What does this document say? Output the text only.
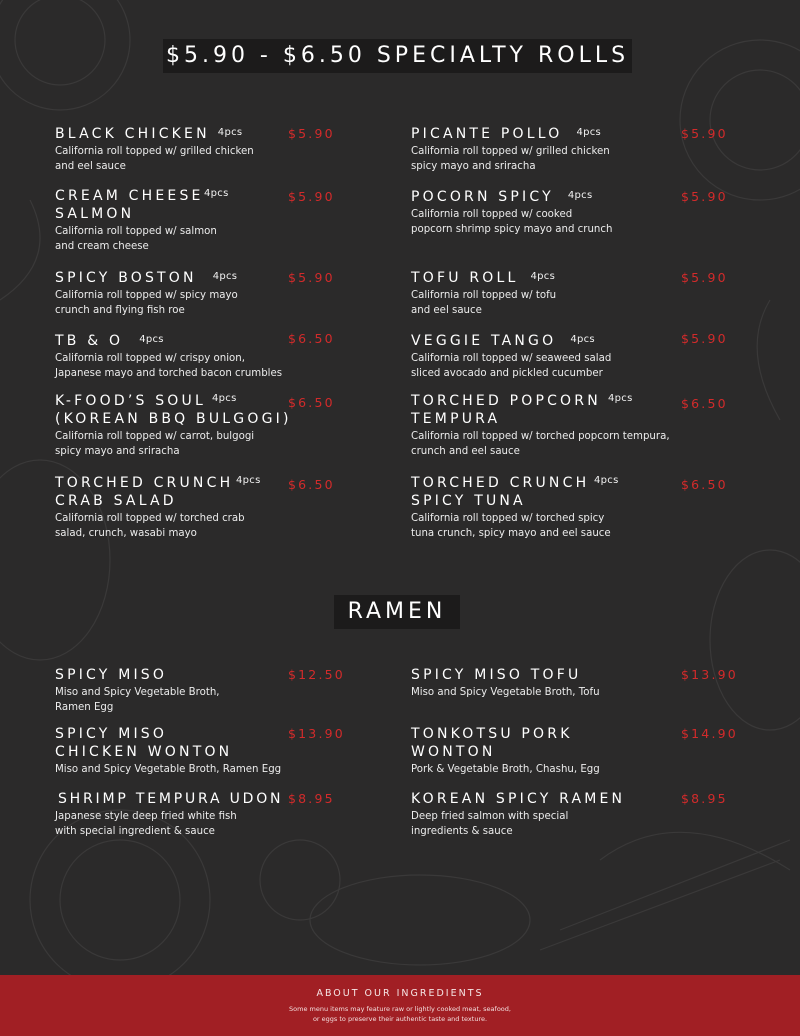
$5.90 - $6.50 SPECIALTY ROLLS
BLACK CHICKEN $^{4pcs}$
California roll topped w/ grilled chicken
and eel sauce
$5.90
CREAM CHEESE
SALMON
California roll topped w/ salmon
and cream cheese
4pcs	$5.90
SPICY BOSTON $^{4pcs}$
California roll topped w/ spicy mayo
crunch and flying fish roe
$5.90
TB & O $^{4pcs}$
California roll topped w/ crispy onion,
Japanese mayo and torched bacon crumbles
$6.50
K-FOOD’S SOUL
(KOREAN BBQ BULGOGI)
California roll topped w/ carrot, bulgogi
spicy mayo and sriracha
4pcs	$6.50
TORCHED CRUNCH
CRAB SALAD
California roll topped w/ torched crab
salad, crunch, wasabi mayo
4pcs $6.50
PICANTE POLLO $^{4pcs}$
California roll topped w/ grilled chicken
spicy mayo and sriracha
$5.90
POCORN SPICY $^{4pcs}$
California roll topped w/ cooked
popcorn shrimp spicy mayo and crunch
$5.90
TOFU ROLL $^{4pcs}$
California roll topped w/ tofu
and eel sauce
$5.90
VEGGIE TANGO $^{4pcs}$
California roll topped w/ seaweed salad
sliced avocado and pickled cucumber
$5.90
TORCHED POPCORN
TEMPURA
California roll topped w/ torched popcorn tempura,
crunch and eel sauce
4pcs	$6.50
TORCHED CRUNCH
SPICY TUNA
California roll topped w/ torched spicy
tuna crunch, spicy mayo and eel sauce
4pcs	$6.50
RAMEN
SPICY MISO
Miso and Spicy Vegetable Broth,
Ramen Egg
$12.50
SPICY MISO
CHICKEN WONTON
Miso and Spicy Vegetable Broth, Ramen Egg
$13.90
SHRIMP TEMPURA UDON
Japanese style deep fried white fish
with special ingredient & sauce
$8.95
SPICY MISO TOFU
Miso and Spicy Vegetable Broth, Tofu
$13.90
TONKOTSU PORK
WONTON
Pork & Vegetable Broth, Chashu, Egg
$14.90
KOREAN SPICY RAMEN
Deep fried salmon with special
ingredients & sauce
$8.95
ABOUT OUR INGREDIENTS
Some menu items may feature raw or lightly cooked meat, seafood,
or eggs to preserve their authentic taste and texture.
